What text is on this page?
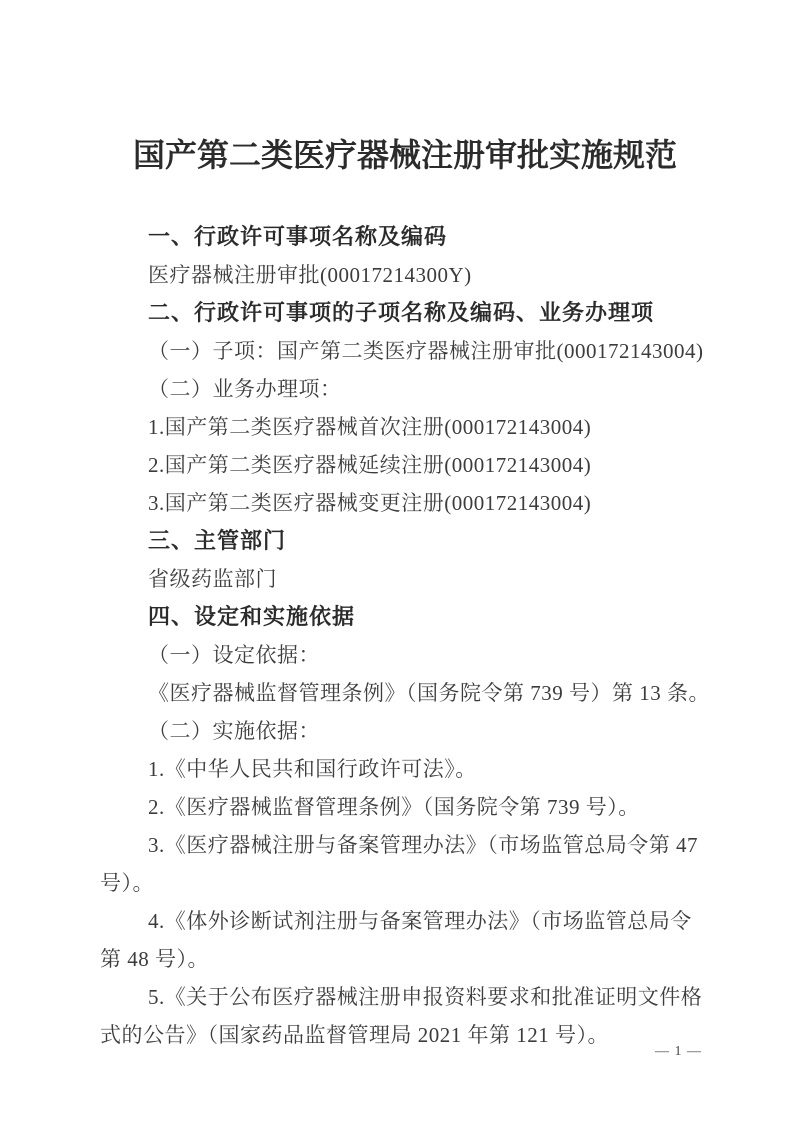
国产第二类医疗器械注册审批实施规范
一、行政许可事项名称及编码
医疗器械注册审批(00017214300Y)
二、行政许可事项的子项名称及编码、业务办理项
（一）子项：国产第二类医疗器械注册审批(000172143004)
（二）业务办理项：
1.国产第二类医疗器械首次注册(000172143004)
2.国产第二类医疗器械延续注册(000172143004)
3.国产第二类医疗器械变更注册(000172143004)
三、主管部门
省级药监部门
四、设定和实施依据
（一）设定依据：
《医疗器械监督管理条例》（国务院令第 739 号）第 13 条。
（二）实施依据：
1.《中华人民共和国行政许可法》。
2.《医疗器械监督管理条例》（国务院令第 739 号）。
3.《医疗器械注册与备案管理办法》（市场监管总局令第 47
号）。
4.《体外诊断试剂注册与备案管理办法》（市场监管总局令
第 48 号）。
5.《关于公布医疗器械注册申报资料要求和批准证明文件格
式的公告》（国家药品监督管理局 2021 年第 121 号）。
— 1 —
